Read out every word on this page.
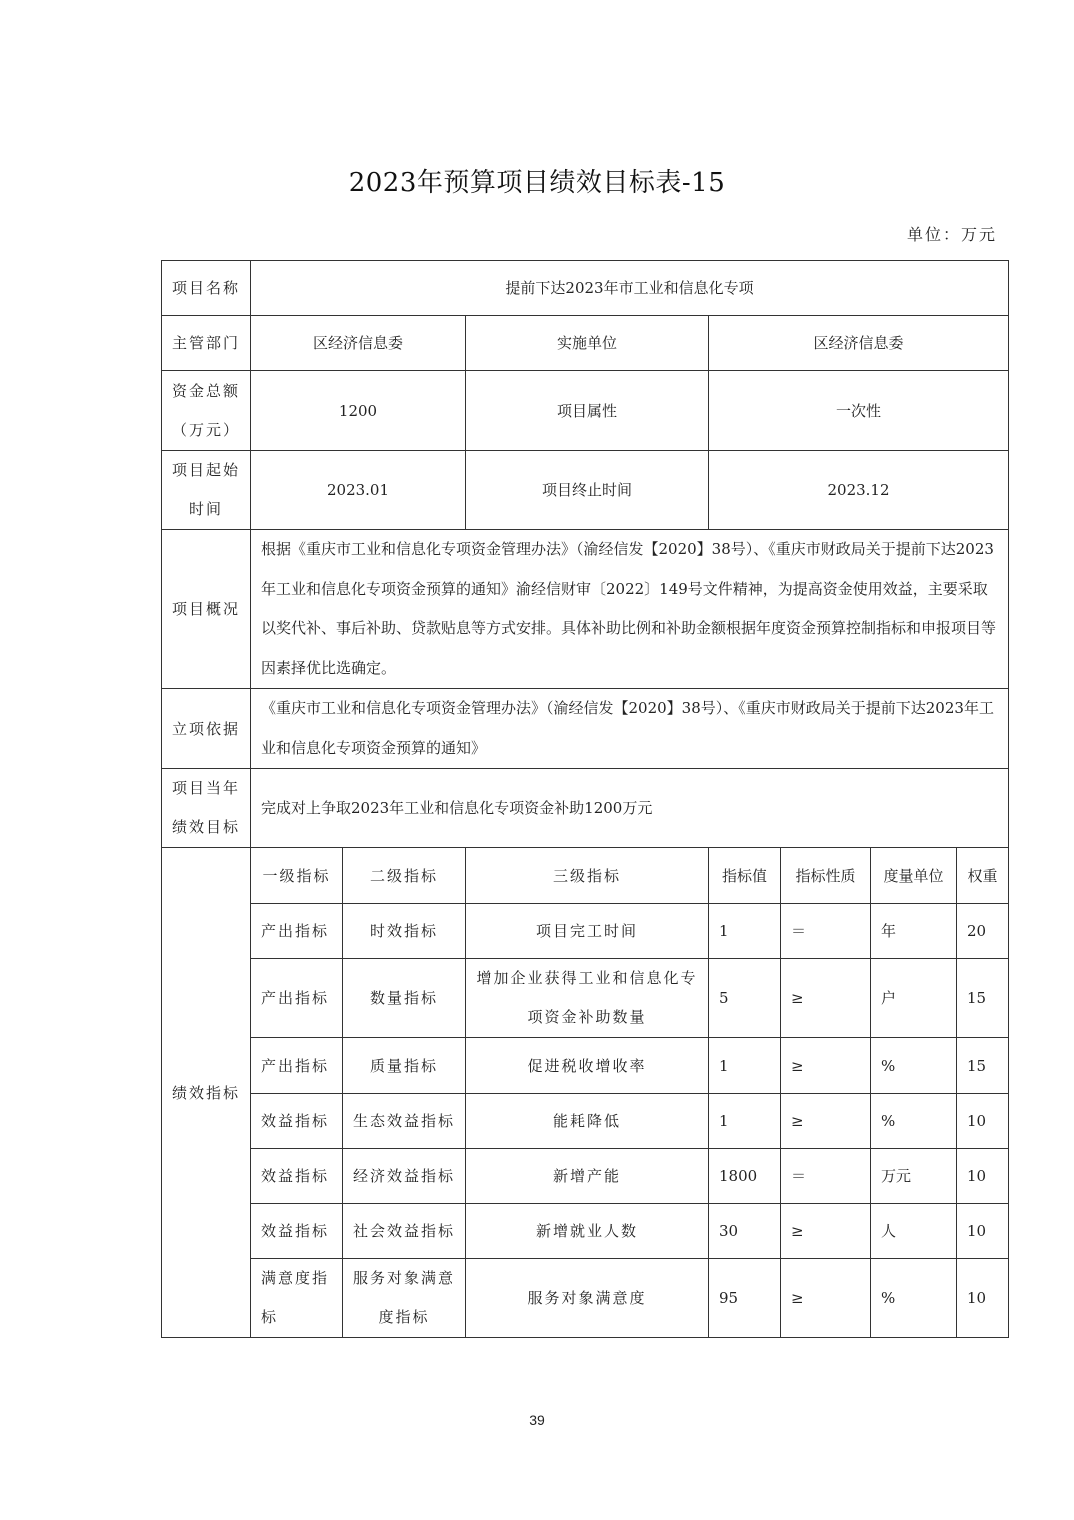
2023年预算项目绩效目标表-15
单位：万元
项目名称	提前下达2023年市工业和信息化专项						
主管部门	区经济信息委		实施单位	区经济信息委			
资金总额（万元）	1200		项目属性	一次性			
项目起始时间	2023.01		项目终止时间	2023.12			
项目概况	根据《重庆市工业和信息化专项资金管理办法》（渝经信发【2020】38号）、《重庆市财政局关于提前下达2023年工业和信息化专项资金预算的通知》渝经信财审〔2022〕149号文件精神，为提高资金使用效益，主要采取以奖代补、事后补助、贷款贴息等方式安排。具体补助比例和补助金额根据年度资金预算控制指标和申报项目等因素择优比选确定。						
立项依据	《重庆市工业和信息化专项资金管理办法》（渝经信发【2020】38号）、《重庆市财政局关于提前下达2023年工业和信息化专项资金预算的通知》						
项目当年绩效目标	完成对上争取2023年工业和信息化专项资金补助1200万元						
绩效指标	一级指标	二级指标	三级指标	指标值	指标性质	度量单位	权重
	产出指标	时效指标	项目完工时间	1	＝	年	20
	产出指标	数量指标	增加企业获得工业和信息化专项资金补助数量	5	≥	户	15
	产出指标	质量指标	促进税收增收率	1	≥	%	15
	效益指标	生态效益指标	能耗降低	1	≥	%	10
	效益指标	经济效益指标	新增产能	1800	＝	万元	10
	效益指标	社会效益指标	新增就业人数	30	≥	人	10
	满意度指标	服务对象满意度指标	服务对象满意度	95	≥	%	10
39
